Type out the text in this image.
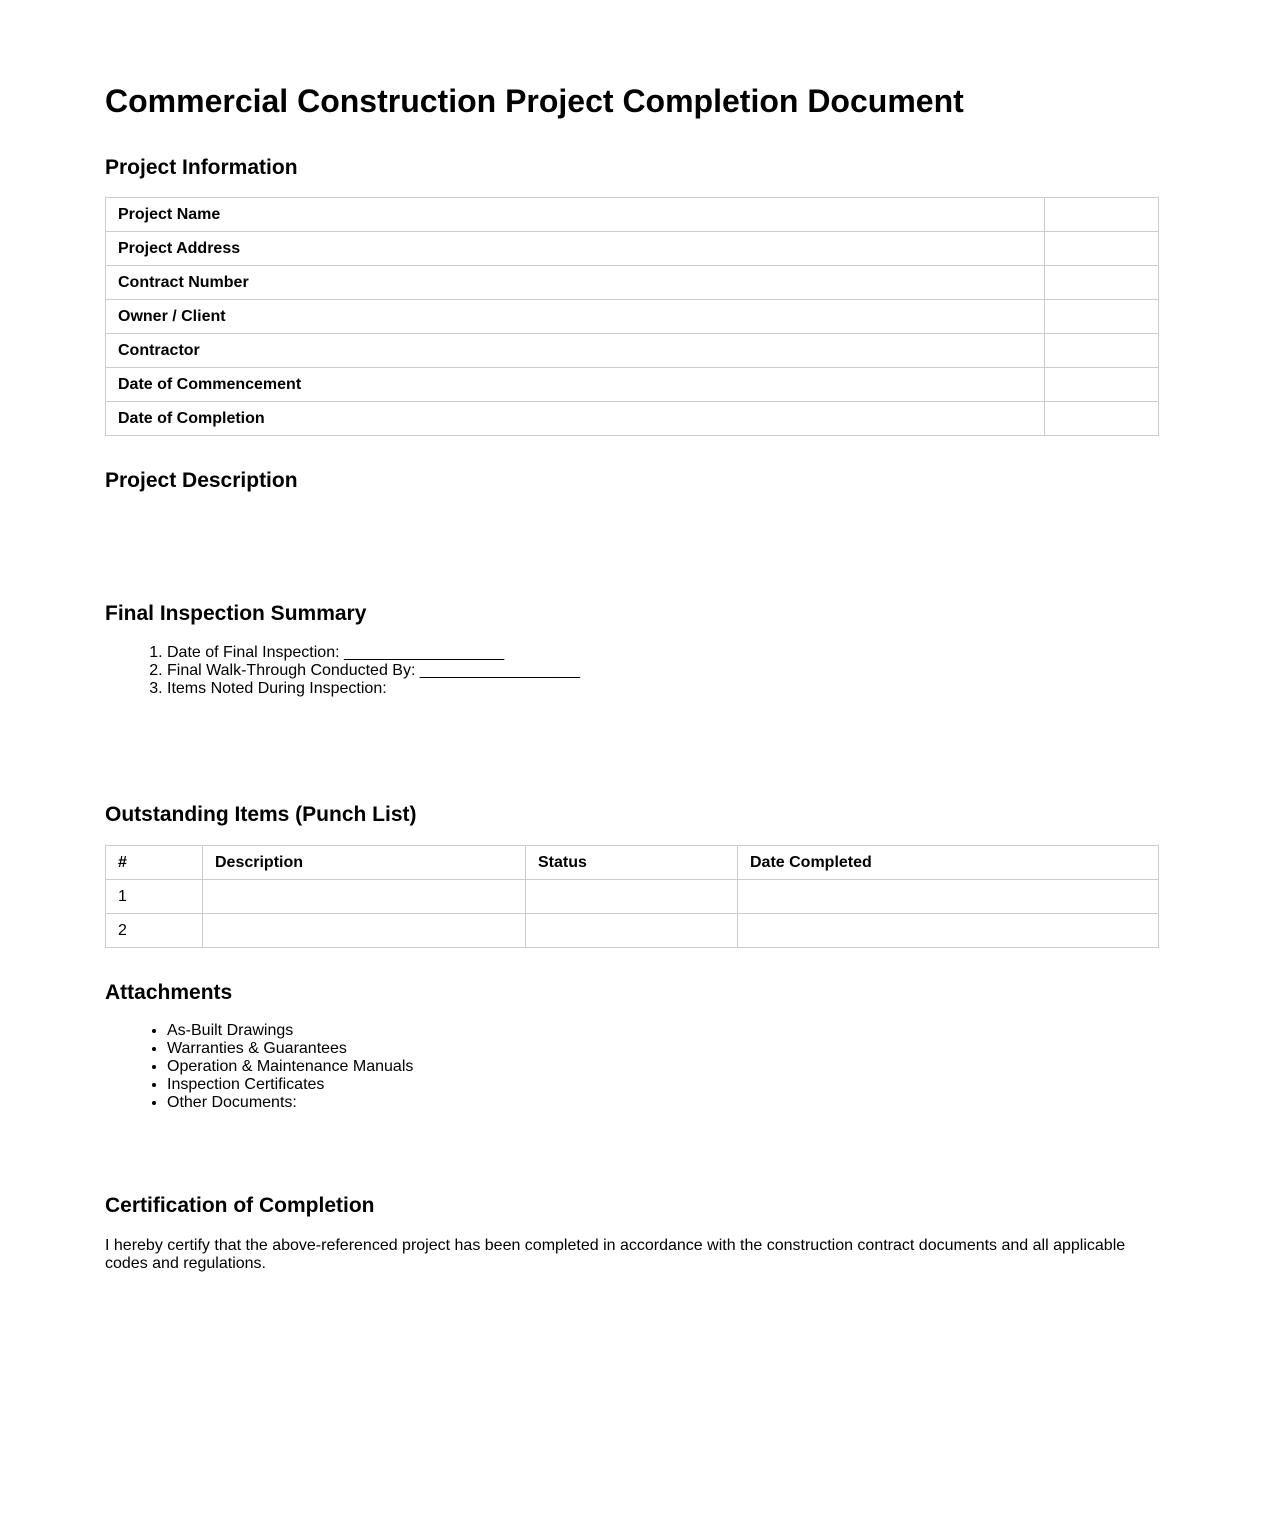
Commercial Construction Project Completion Document
Project Information
Project Name	
Project Address	
Contract Number	
Owner / Client	
Contractor	
Date of Commencement	
Date of Completion	
Project Description

Final Inspection Summary
1. Date of Final Inspection: __________________
2. Final Walk-Through Conducted By: __________________
3. Items Noted During Inspection:
Outstanding Items (Punch List)
#	Description	Status	Date Completed
1			
2			
Attachments
• As-Built Drawings
• Warranties & Guarantees
• Operation & Maintenance Manuals
• Inspection Certificates
• Other Documents:
Certification of Completion

I hereby certify that the above-referenced project has been completed in accordance with the construction contract documents and all applicable codes and regulations.
